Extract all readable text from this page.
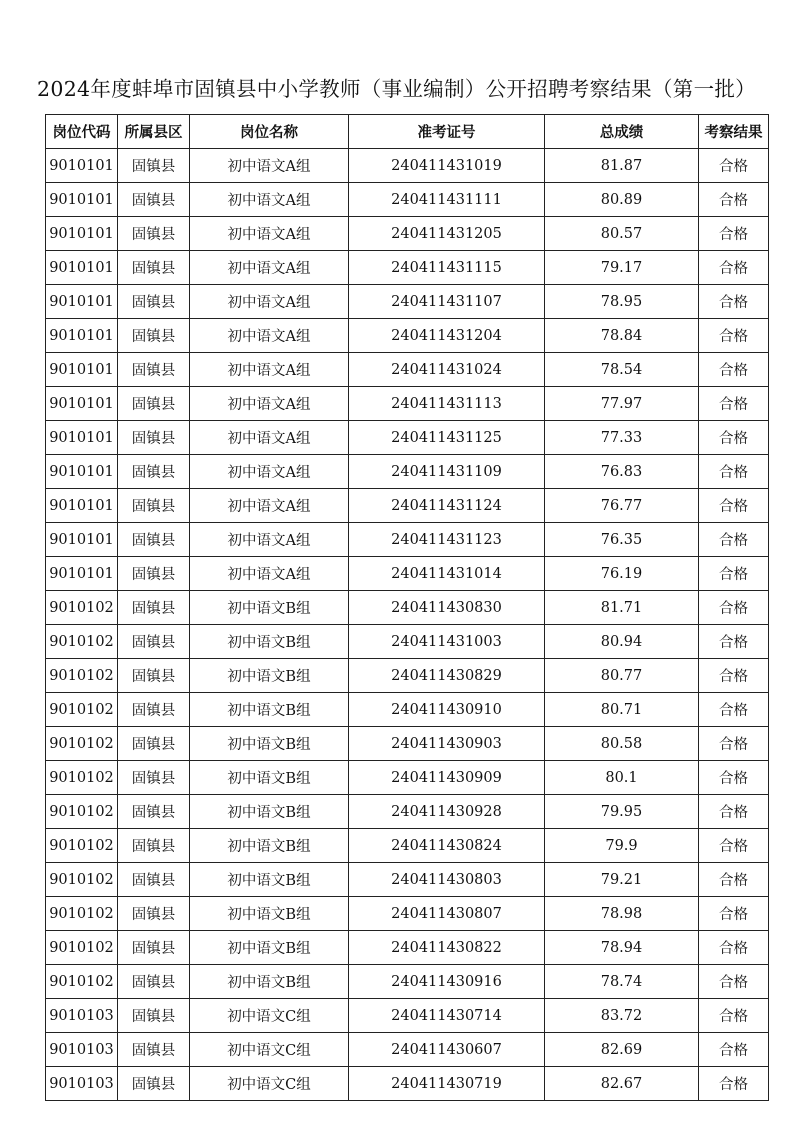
2024年度蚌埠市固镇县中小学教师（事业编制）公开招聘考察结果（第一批）
岗位代码	所属县区	岗位名称	准考证号	总成绩	考察结果
9010101	固镇县	初中语文A组	240411431019	81.87	合格
9010101	固镇县	初中语文A组	240411431111	80.89	合格
9010101	固镇县	初中语文A组	240411431205	80.57	合格
9010101	固镇县	初中语文A组	240411431115	79.17	合格
9010101	固镇县	初中语文A组	240411431107	78.95	合格
9010101	固镇县	初中语文A组	240411431204	78.84	合格
9010101	固镇县	初中语文A组	240411431024	78.54	合格
9010101	固镇县	初中语文A组	240411431113	77.97	合格
9010101	固镇县	初中语文A组	240411431125	77.33	合格
9010101	固镇县	初中语文A组	240411431109	76.83	合格
9010101	固镇县	初中语文A组	240411431124	76.77	合格
9010101	固镇县	初中语文A组	240411431123	76.35	合格
9010101	固镇县	初中语文A组	240411431014	76.19	合格
9010102	固镇县	初中语文B组	240411430830	81.71	合格
9010102	固镇县	初中语文B组	240411431003	80.94	合格
9010102	固镇县	初中语文B组	240411430829	80.77	合格
9010102	固镇县	初中语文B组	240411430910	80.71	合格
9010102	固镇县	初中语文B组	240411430903	80.58	合格
9010102	固镇县	初中语文B组	240411430909	80.1	合格
9010102	固镇县	初中语文B组	240411430928	79.95	合格
9010102	固镇县	初中语文B组	240411430824	79.9	合格
9010102	固镇县	初中语文B组	240411430803	79.21	合格
9010102	固镇县	初中语文B组	240411430807	78.98	合格
9010102	固镇县	初中语文B组	240411430822	78.94	合格
9010102	固镇县	初中语文B组	240411430916	78.74	合格
9010103	固镇县	初中语文C组	240411430714	83.72	合格
9010103	固镇县	初中语文C组	240411430607	82.69	合格
9010103	固镇县	初中语文C组	240411430719	82.67	合格
